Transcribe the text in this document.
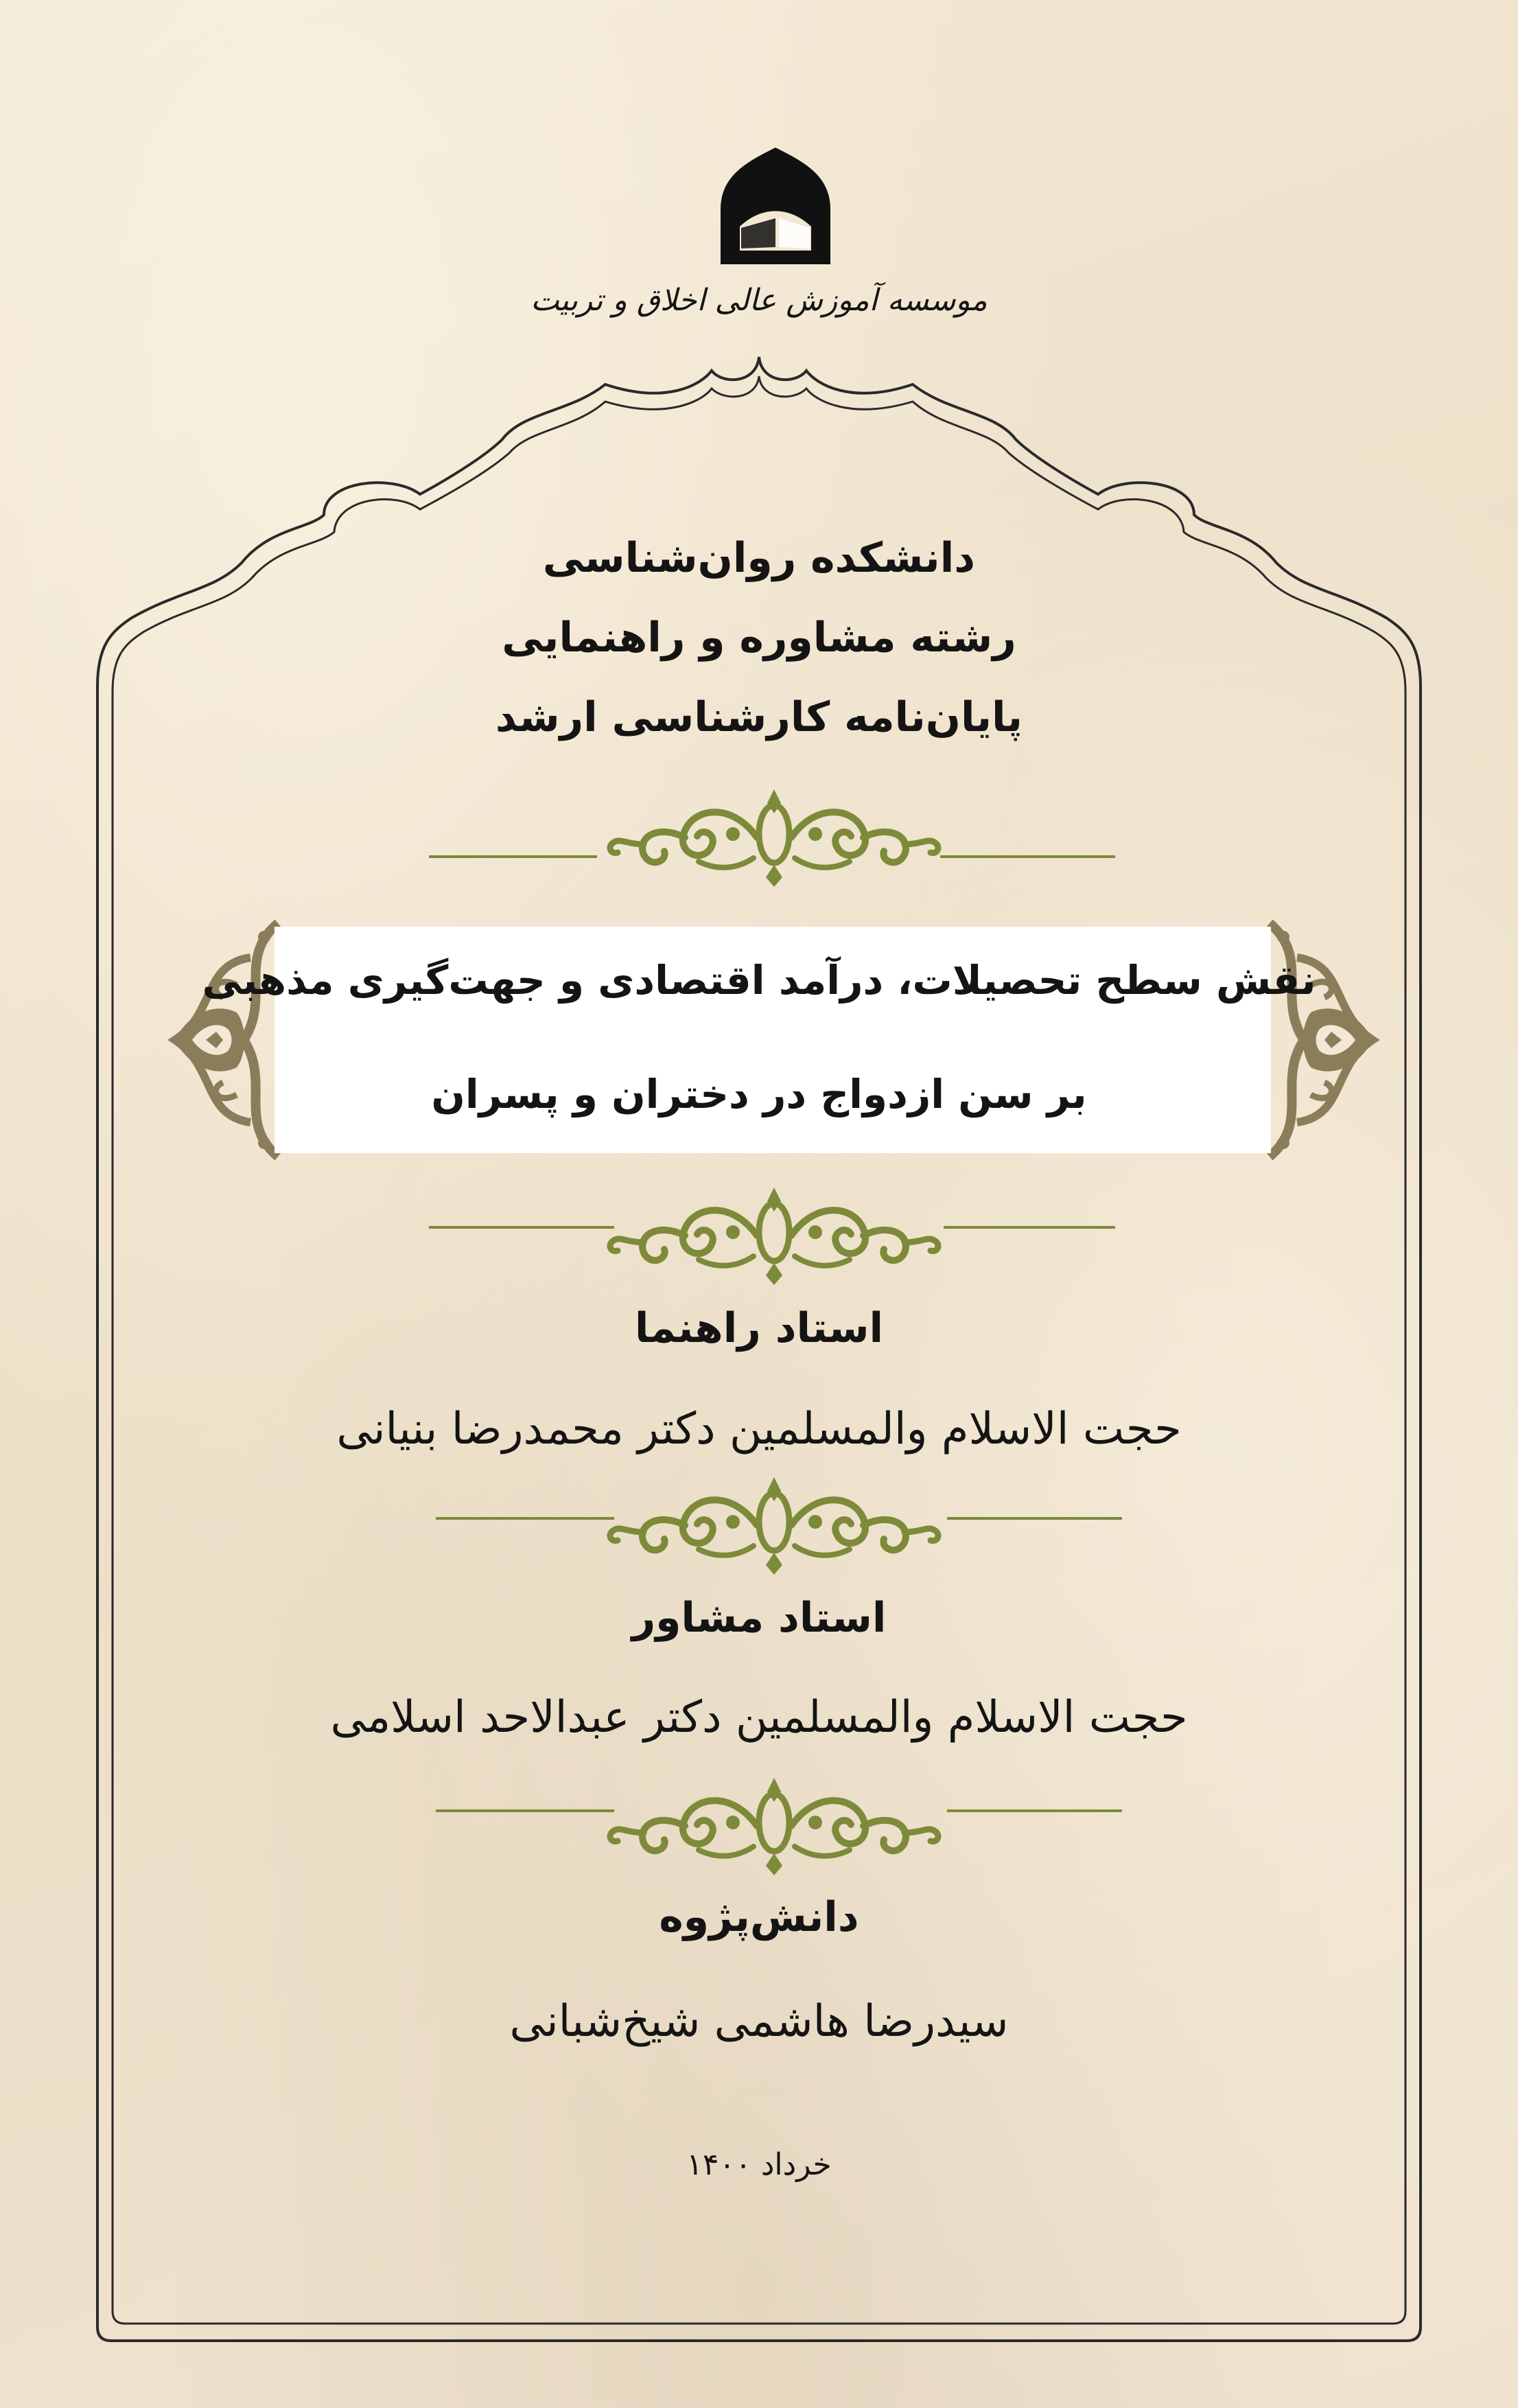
موسسه آموزش عالی اخلاق و تربیت

دانشکده روان‌شناسی

رشته مشاوره و راهنمایی

پایان‌نامه کارشناسی ارشد

نقش سطح تحصیلات، درآمد اقتصادی و جهت‌گیری مذهبی

بر سن ازدواج در دختران و پسران

استاد راهنما

حجت الاسلام والمسلمین دکتر محمدرضا بنیانی

استاد مشاور

حجت الاسلام والمسلمین دکتر عبدالاحد اسلامی

دانش‌پژوه

سیدرضا هاشمی شیخ‌شبانی

خرداد ۱۴۰۰
